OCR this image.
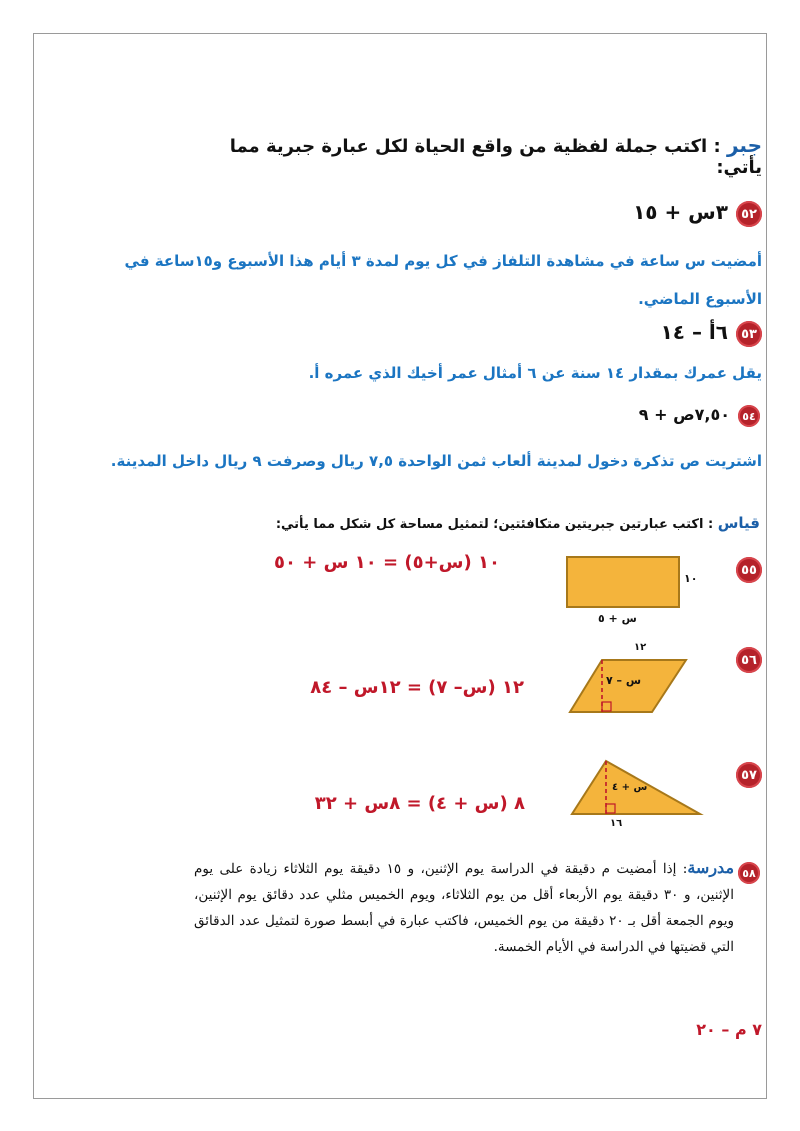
جبر : اكتب جملة لفظية من واقع الحياة لكل عبارة جبرية مما يأتي:
٥٢
٣س + ١٥
أمضيت س ساعة في مشاهدة التلفاز في كل يوم لمدة ٣ أيام هذا الأسبوع و١٥ساعة في الأسبوع الماضي.
٥٣
٦أ – ١٤
يقل عمرك بمقدار ١٤ سنة عن ٦ أمثال عمر أخيك الذي عمره أ.
٥٤
٧,٥٠ص + ٩
اشتريت ص تذكرة دخول لمدينة ألعاب ثمن الواحدة ٧,٥ ريال وصرفت ٩ ريال داخل المدينة.
قياس : اكتب عبارتين جبريتين متكافئتين؛ لتمثيل مساحة كل شكل مما يأتي:
٥٥
١٠
س + ٥
١٠ (س+٥) = ١٠ س + ٥٠
٥٦
١٢
س – ٧
١٢ (س– ٧) = ١٢س – ٨٤
٥٧
س + ٤
١٦
٨ (س + ٤) = ٨س + ٣٢
٥٨
مدرسة: إذا أمضيت م دقيقة في الدراسة يوم الإثنين، و ١٥ دقيقة يوم الثلاثاء زيادة على يوم الإثنين، و ٣٠ دقيقة يوم الأربعاء أقل من يوم الثلاثاء، ويوم الخميس مثلي عدد دقائق يوم الإثنين، ويوم الجمعة أقل بـ ٢٠ دقيقة من يوم الخميس، فاكتب عبارة في أبسط صورة لتمثيل عدد الدقائق التي قضيتها في الدراسة في الأيام الخمسة.
٧ م – ٢٠
